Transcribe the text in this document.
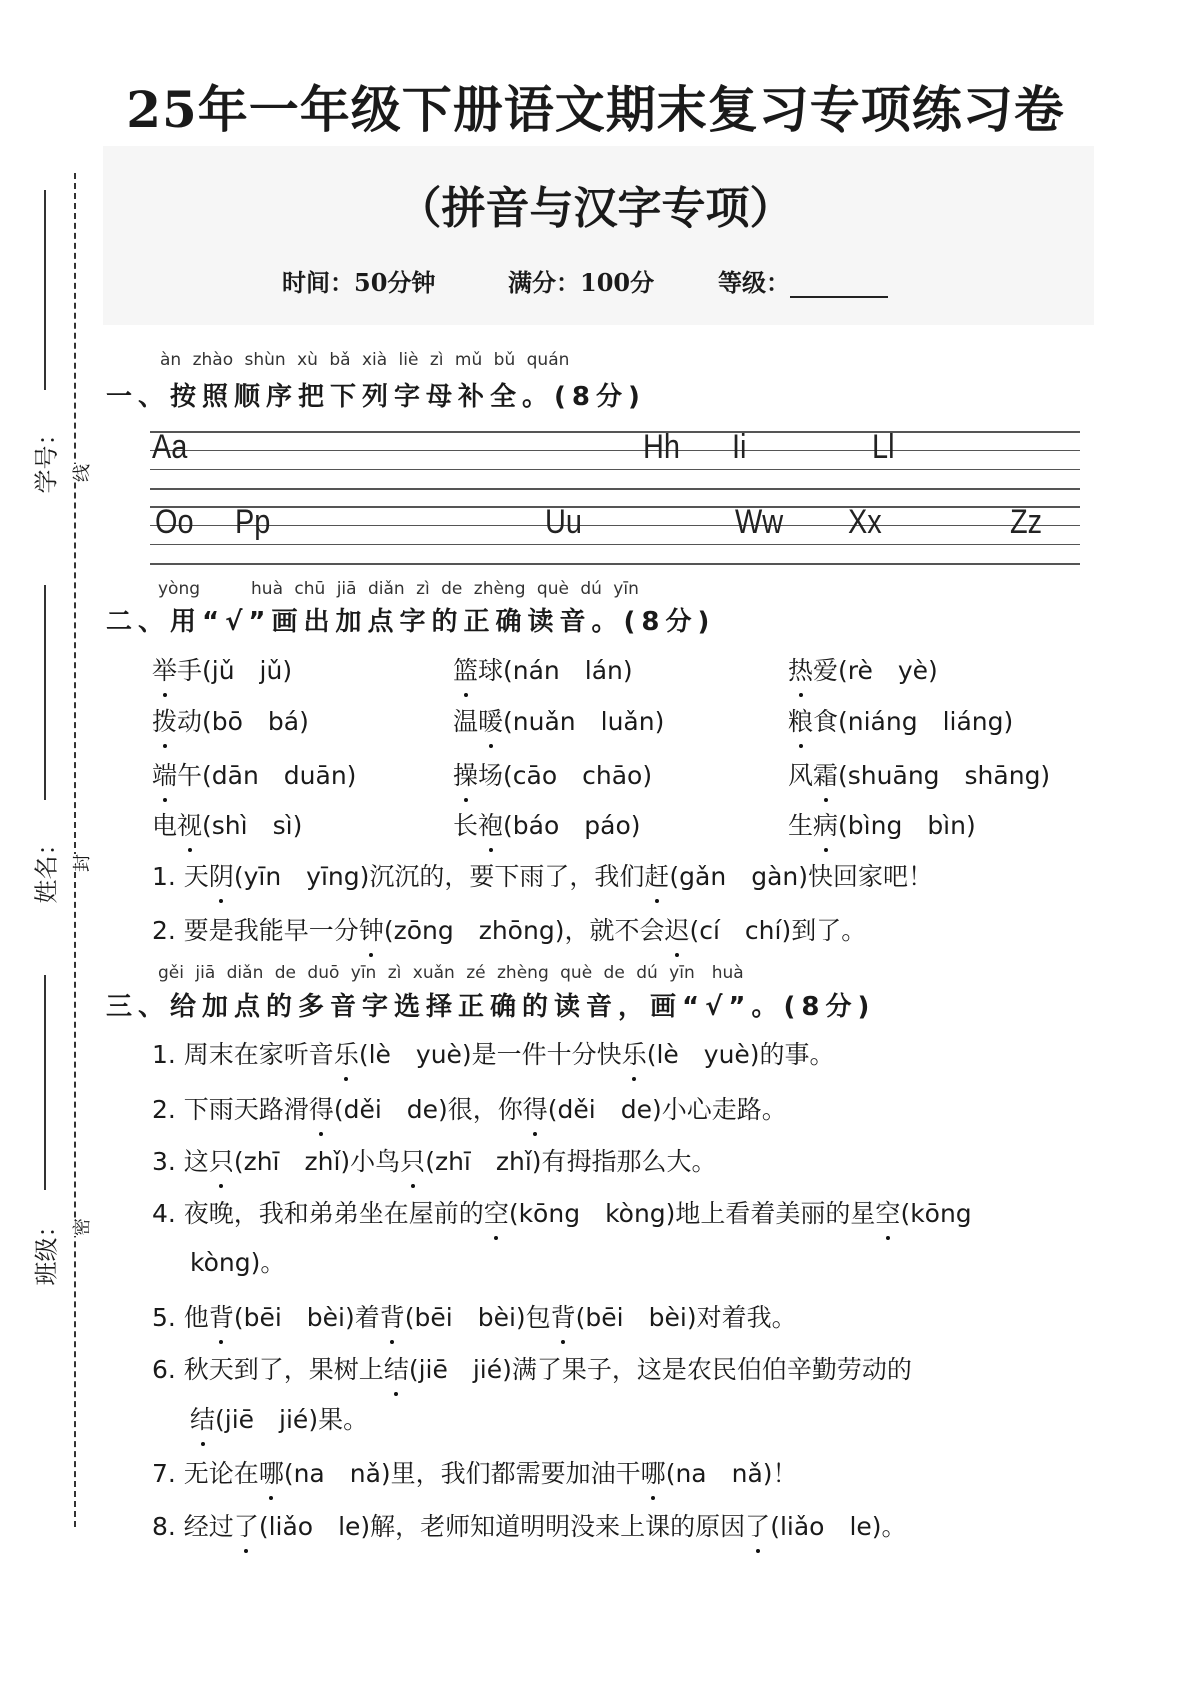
25年一年级下册语文期末复习专项练习卷
（拼音与汉字专项）
时间：50分钟	满分：100分	等级：
学号：
姓名：
班级：
线
封
密
àn zhào shùn xù bǎ xià liè zì mǔ bǔ quán
一、按照顺序把下列字母补全。(8分)
Aa	Hh Ii	Ll
Oo Pp	Uu	Ww Xx	Zz
yòng　　　huà chū jiā diǎn zì de zhèng què dú yīn
二、用“√”画出加点字的正确读音。(8分)
举手(jǔ　jǔ)	篮球(nán　lán)	热爱(rè　yè)
拨动(bō　bá)	温暖(nuǎn　luǎn)	粮食(niáng　liáng)
端午(dān　duān)	操场(cāo　chāo)	风霜(shuāng　shāng)
电视(shì　sì)	长袍(báo　páo)	生病(bìng　bìn)
1. 天阴(yīn　yīng)沉沉的，要下雨了，我们赶(gǎn　gàn)快回家吧！
2. 要是我能早一分钟(zōng　zhōng)，就不会迟(cí　chí)到了。
gěi jiā diǎn de duō yīn zì xuǎn zé zhèng què de dú yīn　huà
三、给加点的多音字选择正确的读音，画“√”。(8分)
1. 周末在家听音乐(lè　yuè)是一件十分快乐(lè　yuè)的事。
2. 下雨天路滑得(děi　de)很，你得(děi　de)小心走路。
3. 这只(zhī　zhǐ)小鸟只(zhī　zhǐ)有拇指那么大。
4. 夜晚，我和弟弟坐在屋前的空(kōng　kòng)地上看着美丽的星空(kōng
kòng)。
5. 他背(bēi　bèi)着背(bēi　bèi)包背(bēi　bèi)对着我。
6. 秋天到了，果树上结(jiē　jié)满了果子，这是农民伯伯辛勤劳动的
结(jiē　jié)果。
7. 无论在哪(na　nǎ)里，我们都需要加油干哪(na　nǎ)！
8. 经过了(liǎo　le)解，老师知道明明没来上课的原因了(liǎo　le)。
